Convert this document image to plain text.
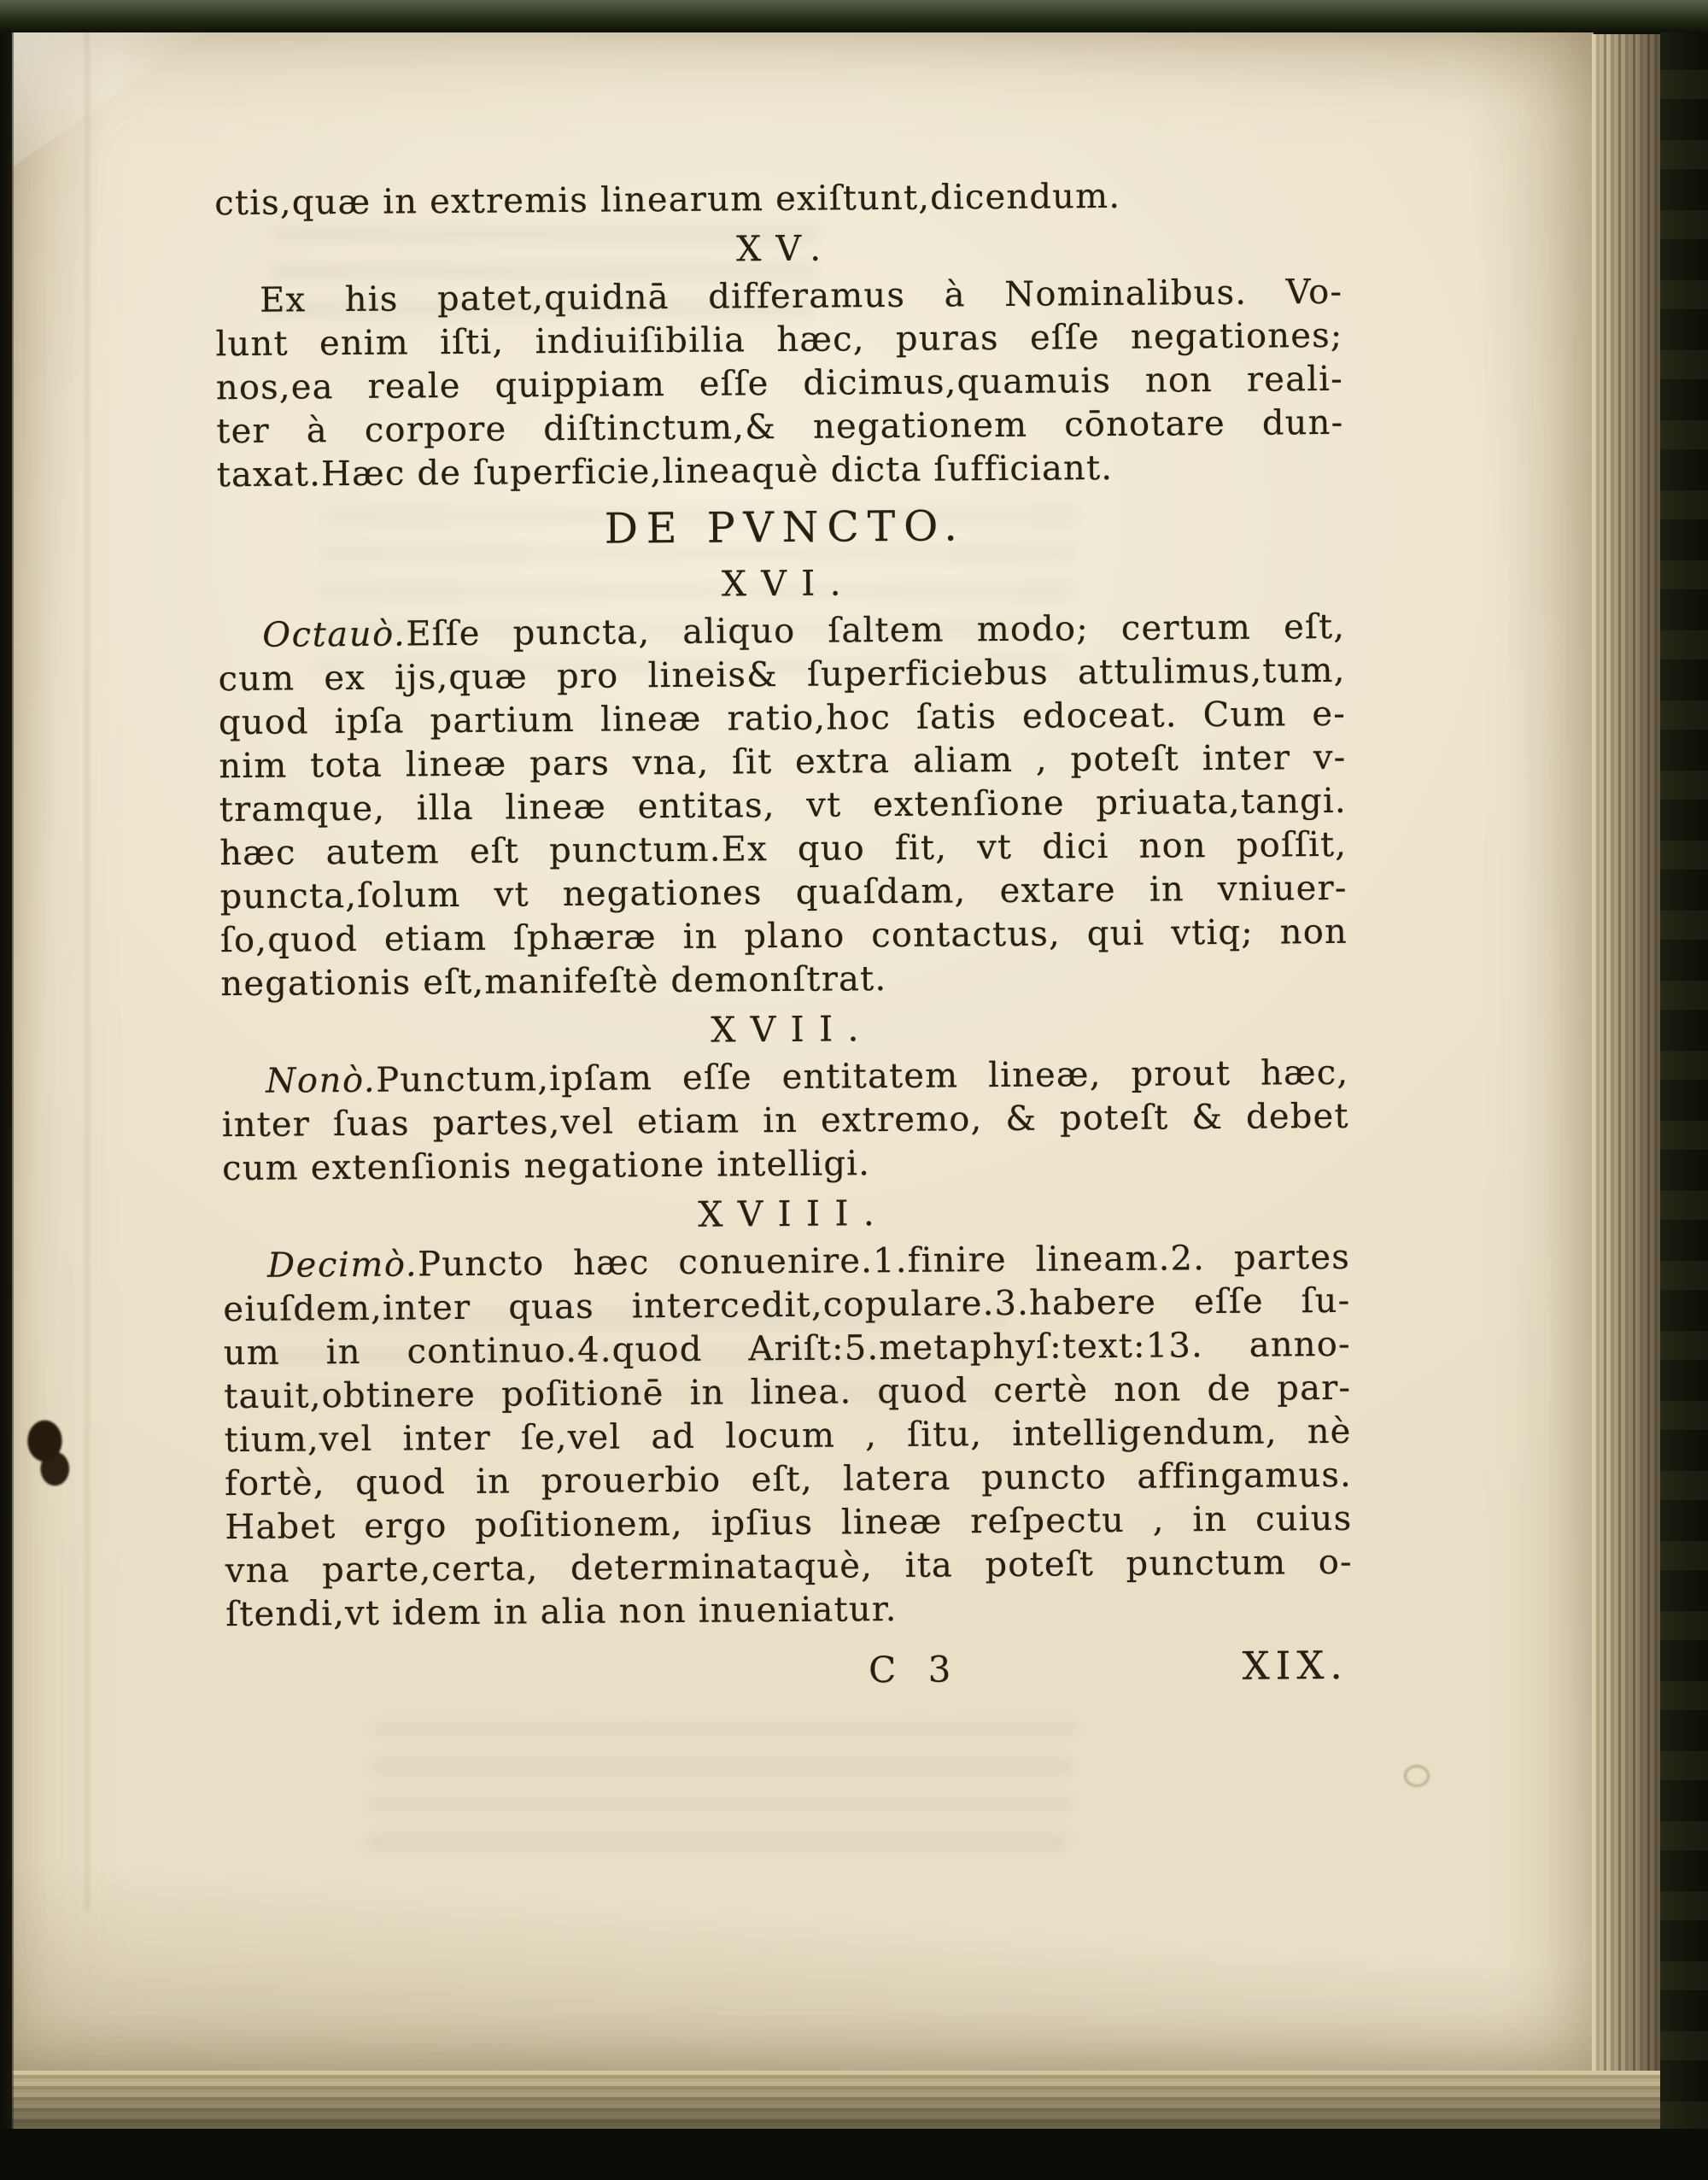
ctis,quæ in extremis linearum exiſtunt,dicendum.
XV.
Ex his patet,quidnā differamus à Nominalibus. Vo-
lunt enim iſti, indiuiſibilia hæc, puras eſſe negationes;
nos,ea reale quippiam eſſe dicimus,quamuis non reali-
ter à corpore diſtinctum,& negationem cōnotare dun-
taxat.Hæc de ſuperficie,lineaquè dicta ſufficiant.
DE PVNCTO.
XVI.
Octauò.Eſſe puncta, aliquo ſaltem modo; certum eſt,
cum ex ijs,quæ pro lineis& ſuperficiebus attulimus,tum,
quod ipſa partium lineæ ratio,hoc ſatis edoceat. Cum e-
nim tota lineæ pars vna, ſit extra aliam , poteſt inter v-
tramque, illa lineæ entitas, vt extenſione priuata,tangi.
hæc autem eſt punctum.Ex quo fit, vt dici non poſſit,
puncta,ſolum vt negationes quaſdam, extare in vniuer-
ſo,quod etiam ſphæræ in plano contactus, qui vtiq; non
negationis eſt,manifeſtè demonſtrat.
XVII.
Nonò.Punctum,ipſam eſſe entitatem lineæ, prout hæc,
inter ſuas partes,vel etiam in extremo, & poteſt & debet
cum extenſionis negatione intelligi.
XVIII.
Decimò.Puncto hæc conuenire.1.finire lineam.2. partes
eiuſdem,inter quas intercedit,copulare.3.habere eſſe ſu-
um in continuo.4.quod Ariſt:5.metaphyſ:text:13. anno-
tauit,obtinere poſitionē in linea. quod certè non de par-
tium,vel inter ſe,vel ad locum , ſitu, intelligendum, nè
fortè, quod in prouerbio eſt, latera puncto affingamus.
Habet ergo poſitionem, ipſius lineæ reſpectu , in cuius
vna parte,certa, determinataquè, ita poteſt punctum o-
ſtendi,vt idem in alia non inueniatur.
C 3	XIX.
